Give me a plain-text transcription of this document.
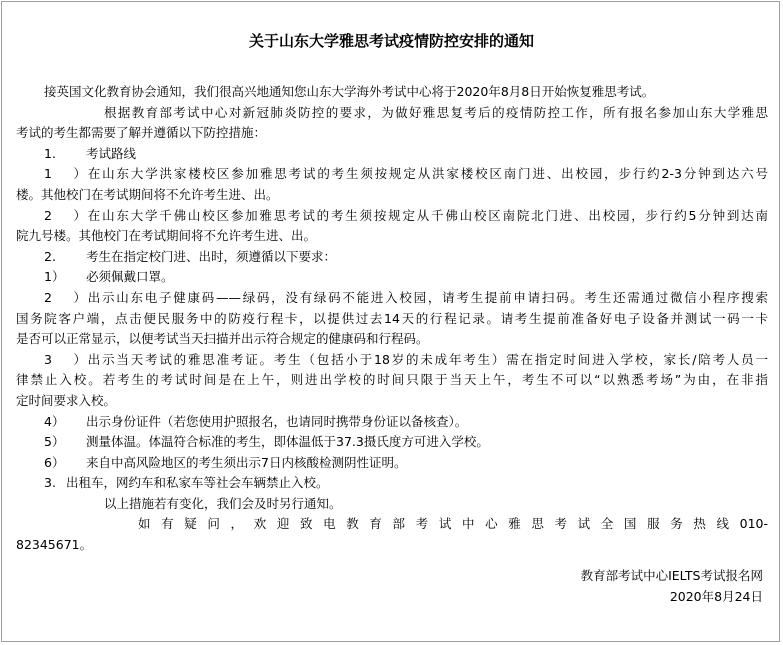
关于山东大学雅思考试疫情防控安排的通知
接英国文化教育协会通知，我们很高兴地通知您山东大学海外考试中心将于2020年8月8日开始恢复雅思考试。
根据教育部考试中心对新冠肺炎防控的要求，为做好雅思复考后的疫情防控工作，所有报名参加山东大学雅思
考试的考生都需要了解并遵循以下防控措施：
1. 考试路线
1）在山东大学洪家楼校区参加雅思考试的考生须按规定从洪家楼校区南门进、出校园，步行约2-3分钟到达六号
楼。其他校门在考试期间将不允许考生进、出。
2）在山东大学千佛山校区参加雅思考试的考生须按规定从千佛山校区南院北门进、出校园，步行约5分钟到达南
院九号楼。其他校门在考试期间将不允许考生进、出。
2. 考生在指定校门进、出时，须遵循以下要求：
1） 必须佩戴口罩。
2）出示山东电子健康码——绿码，没有绿码不能进入校园，请考生提前申请扫码。考生还需通过微信小程序搜索
国务院客户端，点击便民服务中的防疫行程卡，以提供过去14天的行程记录。请考生提前准备好电子设备并测试一码一卡
是否可以正常显示，以便考试当天扫描并出示符合规定的健康码和行程码。
3）出示当天考试的雅思准考证。考生（包括小于18岁的未成年考生）需在指定时间进入学校，家长/陪考人员一
律禁止入校。若考生的考试时间是在上午，则进出学校的时间只限于当天上午，考生不可以“以熟悉考场”为由，在非指
定时间要求入校。
4） 出示身份证件（若您使用护照报名，也请同时携带身份证以备核查）。
5） 测量体温。体温符合标准的考生，即体温低于37.3摄氏度方可进入学校。
6） 来自中高风险地区的考生须出示7日内核酸检测阴性证明。
3. 出租车，网约车和私家车等社会车辆禁止入校。
以上措施若有变化，我们会及时另行通知。
如有疑问，欢迎致电教育部考试中心雅思考试全国服务热线010-
82345671。
教育部考试中心IELTS考试报名网
2020年8月24日
